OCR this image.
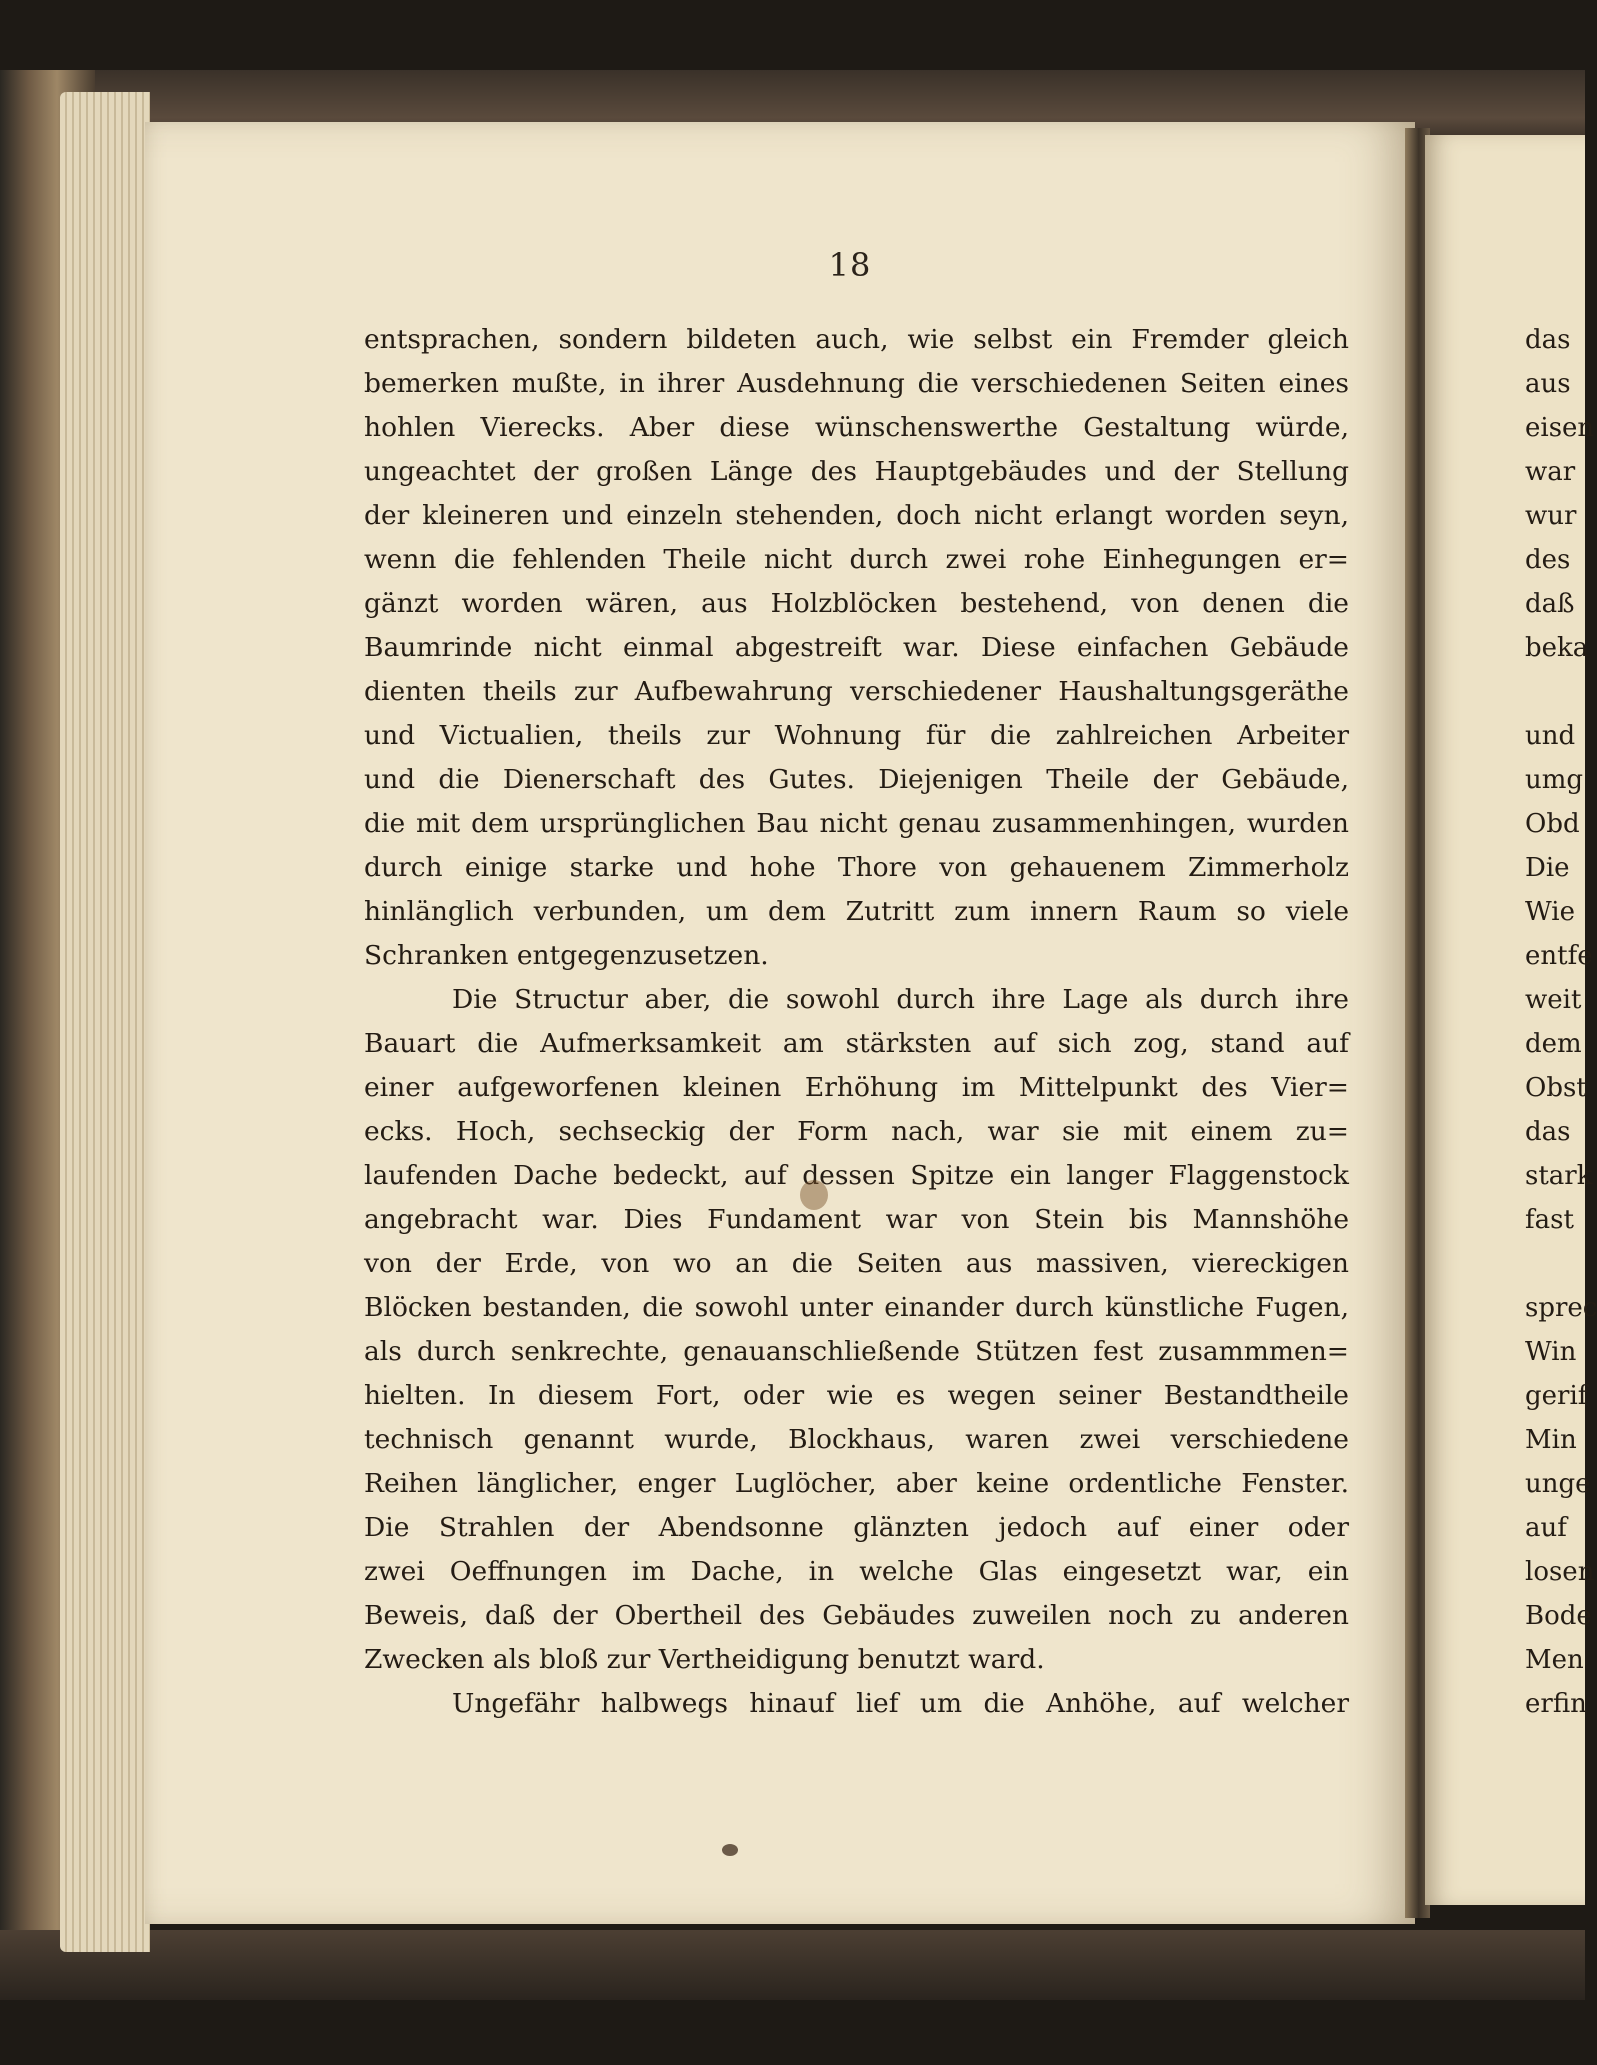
18
entsprachen, sondern bildeten auch, wie selbst ein Fremder gleich
bemerken mußte, in ihrer Ausdehnung die verschiedenen Seiten eines
hohlen Vierecks. Aber diese wünschenswerthe Gestaltung würde,
ungeachtet der großen Länge des Hauptgebäudes und der Stellung
der kleineren und einzeln stehenden, doch nicht erlangt worden seyn,
wenn die fehlenden Theile nicht durch zwei rohe Einhegungen er=
gänzt worden wären, aus Holzblöcken bestehend, von denen die
Baumrinde nicht einmal abgestreift war. Diese einfachen Gebäude
dienten theils zur Aufbewahrung verschiedener Haushaltungsgeräthe
und Victualien, theils zur Wohnung für die zahlreichen Arbeiter
und die Dienerschaft des Gutes. Diejenigen Theile der Gebäude,
die mit dem ursprünglichen Bau nicht genau zusammenhingen, wurden
durch einige starke und hohe Thore von gehauenem Zimmerholz
hinlänglich verbunden, um dem Zutritt zum innern Raum so viele
Schranken entgegenzusetzen.
Die Structur aber, die sowohl durch ihre Lage als durch ihre
Bauart die Aufmerksamkeit am stärksten auf sich zog, stand auf
einer aufgeworfenen kleinen Erhöhung im Mittelpunkt des Vier=
ecks. Hoch, sechseckig der Form nach, war sie mit einem zu=
laufenden Dache bedeckt, auf dessen Spitze ein langer Flaggenstock
angebracht war. Dies Fundament war von Stein bis Mannshöhe
von der Erde, von wo an die Seiten aus massiven, viereckigen
Blöcken bestanden, die sowohl unter einander durch künstliche Fugen,
als durch senkrechte, genauanschließende Stützen fest zusammmen=
hielten. In diesem Fort, oder wie es wegen seiner Bestandtheile
technisch genannt wurde, Blockhaus, waren zwei verschiedene
Reihen länglicher, enger Luglöcher, aber keine ordentliche Fenster.
Die Strahlen der Abendsonne glänzten jedoch auf einer oder
zwei Oeffnungen im Dache, in welche Glas eingesetzt war, ein
Beweis, daß der Obertheil des Gebäudes zuweilen noch zu anderen
Zwecken als bloß zur Vertheidigung benutzt ward.
Ungefähr halbwegs hinauf lief um die Anhöhe, auf welcher
das
aus
eisen
war
wur
des
daß
beka
und
umg
Obd
Die
Wie
entfe
weit
dem
Obst
das
stark
fast
sprec
Win
gerif
Min
unge
auf
losen
Bode
Men
erfin
